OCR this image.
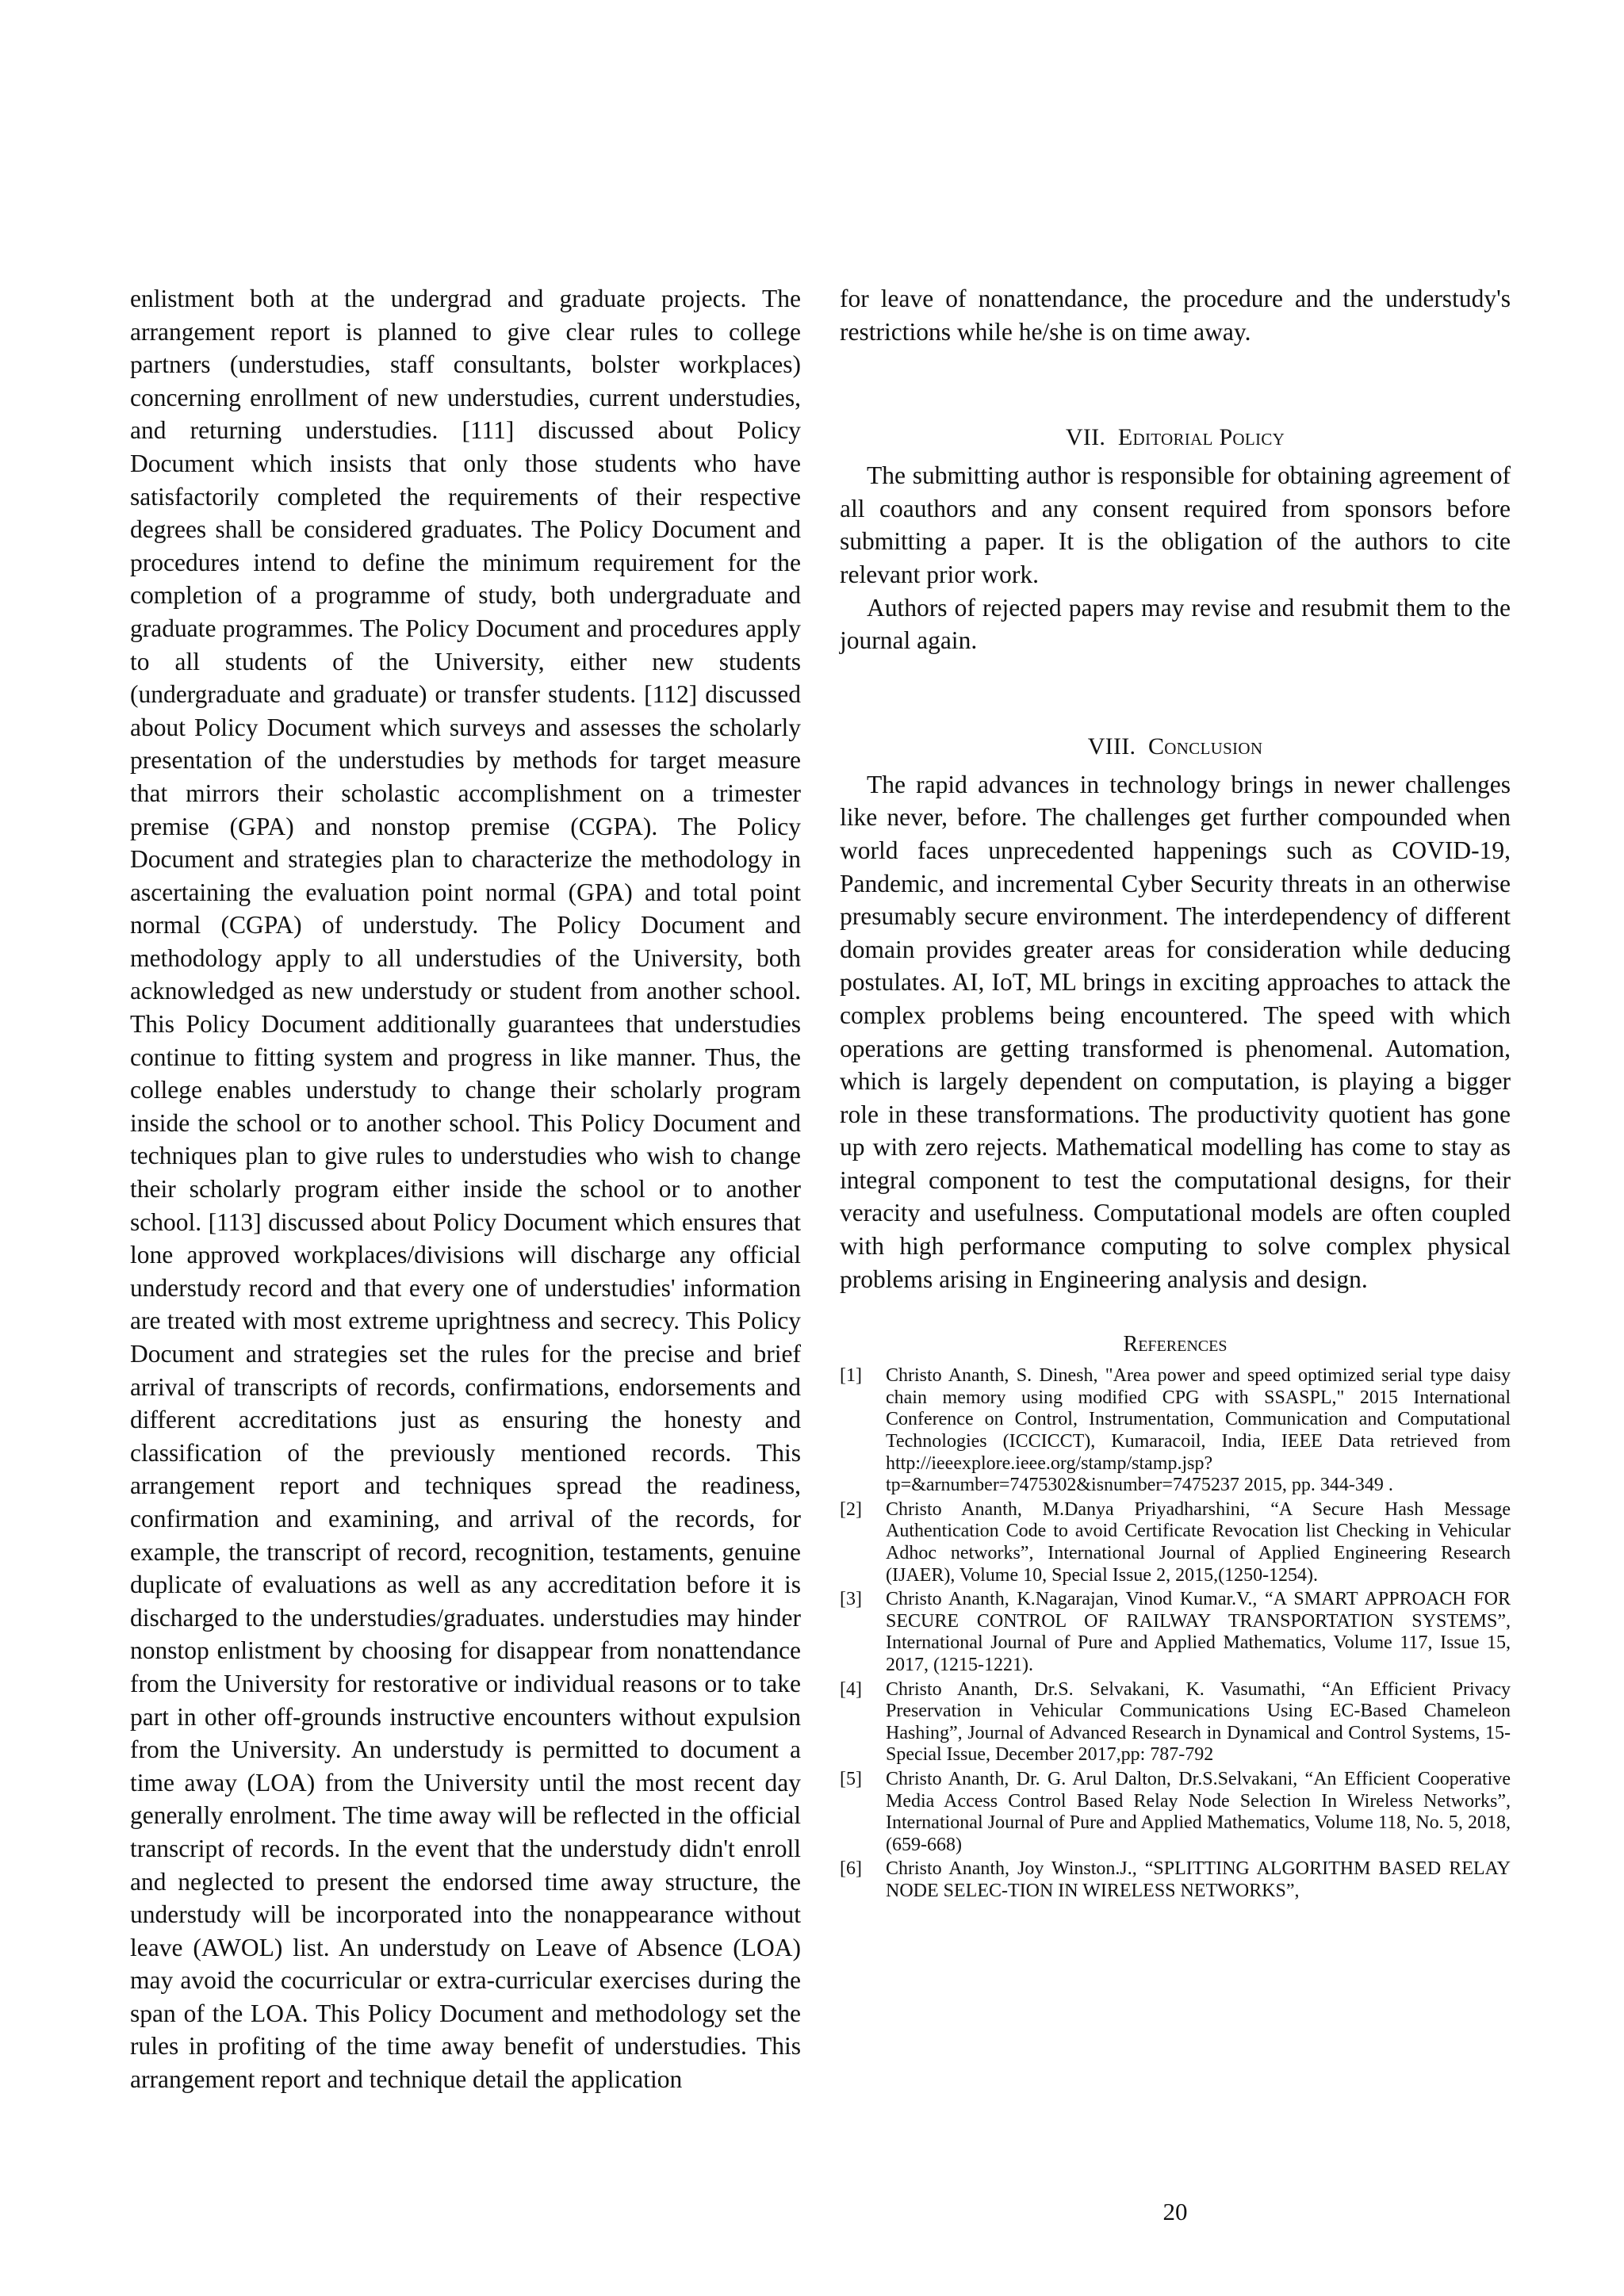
enlistment both at the undergrad and graduate projects. The arrangement report is planned to give clear rules to college partners (understudies, staff consultants, bolster workplaces) concerning enrollment of new understudies, current understudies, and returning understudies. [111] discussed about Policy Document which insists that only those students who have satisfactorily completed the requirements of their respective degrees shall be considered graduates. The Policy Document and procedures intend to define the minimum requirement for the completion of a programme of study, both undergraduate and graduate programmes. The Policy Document and procedures apply to all students of the University, either new students (undergraduate and graduate) or transfer students. [112] discussed about Policy Document which surveys and assesses the scholarly presentation of the understudies by methods for target measure that mirrors their scholastic accomplishment on a trimester premise (GPA) and nonstop premise (CGPA). The Policy Document and strategies plan to characterize the methodology in ascertaining the evaluation point normal (GPA) and total point normal (CGPA) of understudy. The Policy Document and methodology apply to all understudies of the University, both acknowledged as new understudy or student from another school. This Policy Document additionally guarantees that understudies continue to fitting system and progress in like manner. Thus, the college enables understudy to change their scholarly program inside the school or to another school. This Policy Document and techniques plan to give rules to understudies who wish to change their scholarly program either inside the school or to another school. [113] discussed about Policy Document which ensures that lone approved workplaces/divisions will discharge any official understudy record and that every one of understudies' information are treated with most extreme uprightness and secrecy. This Policy Document and strategies set the rules for the precise and brief arrival of transcripts of records, confirmations, endorsements and different accreditations just as ensuring the honesty and classification of the previously mentioned records. This arrangement report and techniques spread the readiness, confirmation and examining, and arrival of the records, for example, the transcript of record, recognition, testaments, genuine duplicate of evaluations as well as any accreditation before it is discharged to the understudies/graduates. understudies may hinder nonstop enlistment by choosing for disappear from nonattendance from the University for restorative or individual reasons or to take part in other off-grounds instructive encounters without expulsion from the University. An understudy is permitted to document a time away (LOA) from the University until the most recent day generally enrolment. The time away will be reflected in the official transcript of records. In the event that the understudy didn't enroll and neglected to present the endorsed time away structure, the understudy will be incorporated into the nonappearance without leave (AWOL) list. An understudy on Leave of Absence (LOA) may avoid the cocurricular or extra-curricular exercises during the span of the LOA. This Policy Document and methodology set the rules in profiting of the time away benefit of understudies. This arrangement report and technique detail the application

for leave of nonattendance, the procedure and the understudy's restrictions while he/she is on time away.

VII. Editorial Policy

The submitting author is responsible for obtaining agreement of all coauthors and any consent required from sponsors before submitting a paper. It is the obligation of the authors to cite relevant prior work.

Authors of rejected papers may revise and resubmit them to the journal again.

VIII. Conclusion

The rapid advances in technology brings in newer challenges like never, before. The challenges get further compounded when world faces unprecedented happenings such as COVID-19, Pandemic, and incremental Cyber Security threats in an otherwise presumably secure environment. The interdependency of different domain provides greater areas for consideration while deducing postulates. AI, IoT, ML brings in exciting approaches to attack the complex problems being encountered. The speed with which operations are getting transformed is phenomenal. Automation, which is largely dependent on computation, is playing a bigger role in these transformations. The productivity quotient has gone up with zero rejects. Mathematical modelling has come to stay as integral component to test the computational designs, for their veracity and usefulness. Computational models are often coupled with high performance computing to solve complex physical problems arising in Engineering analysis and design.

References

[1] Christo Ananth, S. Dinesh, "Area power and speed optimized serial type daisy chain memory using modified CPG with SSASPL," 2015 International Conference on Control, Instrumentation, Communication and Computational Technologies (ICCICCT), Kumaracoil, India, IEEE Data retrieved from http://ieeexplore.ieee.org/stamp/stamp.jsp?tp=&arnumber=7475302&isnumber=7475237 2015, pp. 344-349 .
[2] Christo Ananth, M.Danya Priyadharshini, “A Secure Hash Message Authentication Code to avoid Certificate Revocation list Checking in Vehicular Adhoc networks”, International Journal of Applied Engineering Research (IJAER), Volume 10, Special Issue 2, 2015,(1250-1254).
[3] Christo Ananth, K.Nagarajan, Vinod Kumar.V., “A SMART APPROACH FOR SECURE CONTROL OF RAILWAY TRANSPORTATION SYSTEMS”, International Journal of Pure and Applied Mathematics, Volume 117, Issue 15, 2017, (1215-1221).
[4] Christo Ananth, Dr.S. Selvakani, K. Vasumathi, “An Efficient Privacy Preservation in Vehicular Communications Using EC-Based Chameleon Hashing”, Journal of Advanced Research in Dynamical and Control Systems, 15-Special Issue, December 2017,pp: 787-792
[5] Christo Ananth, Dr. G. Arul Dalton, Dr.S.Selvakani, “An Efficient Cooperative Media Access Control Based Relay Node Selection In Wireless Networks”, International Journal of Pure and Applied Mathematics, Volume 118, No. 5, 2018,(659-668)
[6] Christo Ananth, Joy Winston.J., “SPLITTING ALGORITHM BASED RELAY NODE SELEC-TION IN WIRELESS NETWORKS”,
20
